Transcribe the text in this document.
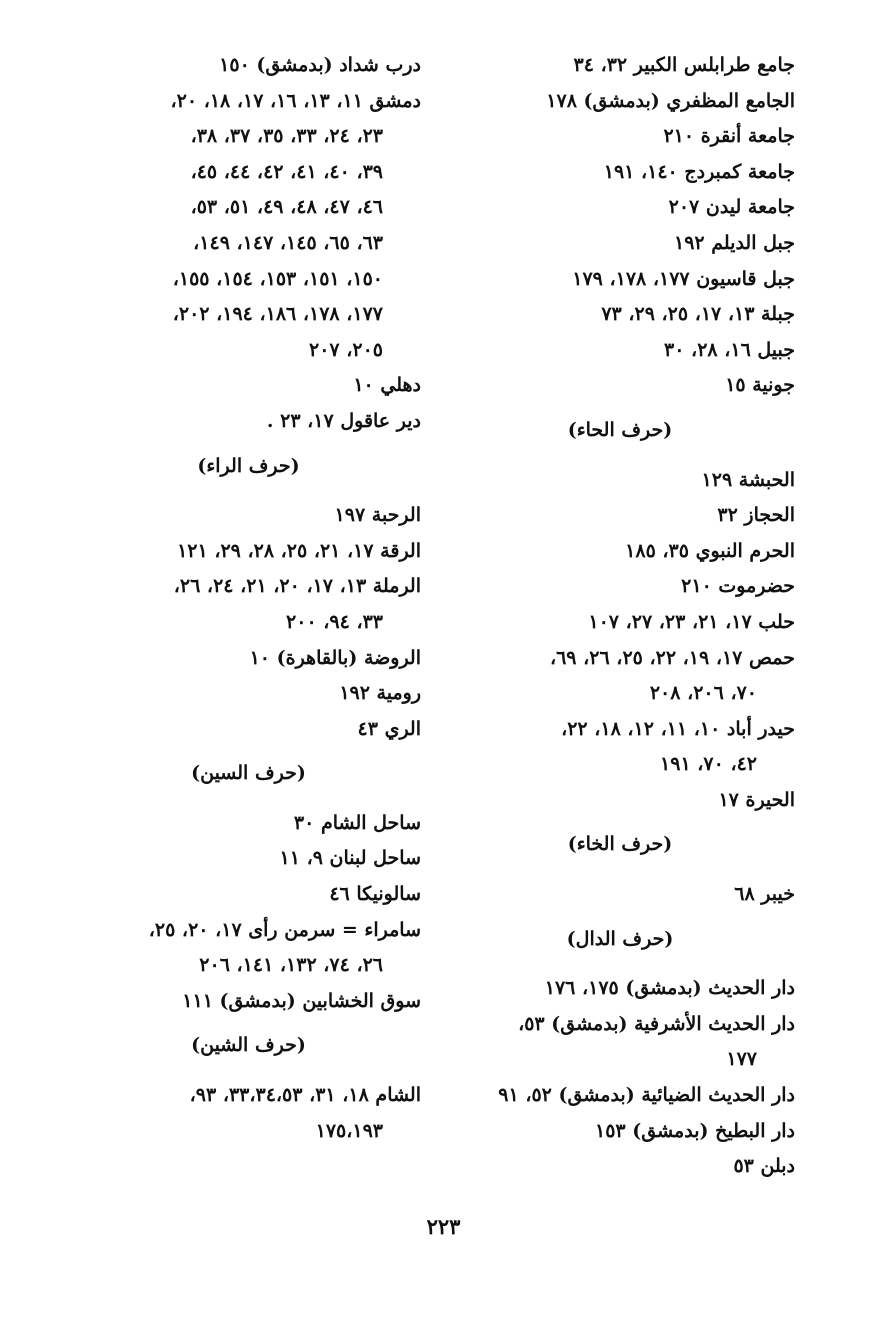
جامع طرابلس الكبير ٣٢، ٣٤
الجامع المظفري (بدمشق) ١٧٨
جامعة أنقرة ٢١٠
جامعة كمبردج ١٤٠، ١٩١
جامعة ليدن ٢٠٧
جبل الديلم ١٩٢
جبل قاسيون ١٧٧، ١٧٨، ١٧٩
جبلة ١٣، ١٧، ٢٥، ٢٩، ٧٣
جبيل ١٦، ٢٨، ٣٠
جونية ١٥
(حرف الحاء)
الحبشة ١٢٩
الحجاز ٣٢
الحرم النبوي ٣٥، ١٨٥
حضرموت ٢١٠
حلب ١٧، ٢١، ٢٣، ٢٧، ١٠٧
حمص ١٧، ١٩، ٢٢، ٢٥، ٢٦، ٦٩،
٧٠، ٢٠٦، ٢٠٨
حيدر أباد ١٠، ١١، ١٢، ١٨، ٢٢،
٤٢، ٧٠، ١٩١
الحيرة ١٧
(حرف الخاء)
خيبر ٦٨
(حرف الدال)
دار الحديث (بدمشق) ١٧٥، ١٧٦
دار الحديث الأشرفية (بدمشق) ٥٣،
١٧٧
دار الحديث الضيائية (بدمشق) ٥٢، ٩١
دار البطيخ (بدمشق) ١٥٣
دبلن ٥٣
درب شداد (بدمشق) ١٥٠
دمشق ١١، ١٣، ١٦، ١٧، ١٨، ٢٠،
٢٣، ٢٤، ٣٣، ٣٥، ٣٧، ٣٨،
٣٩، ٤٠، ٤١، ٤٢، ٤٤، ٤٥،
٤٦، ٤٧، ٤٨، ٤٩، ٥١، ٥٣،
٦٣، ٦٥، ١٤٥، ١٤٧، ١٤٩،
١٥٠، ١٥١، ١٥٣، ١٥٤، ١٥٥،
١٧٧، ١٧٨، ١٨٦، ١٩٤، ٢٠٢،
٢٠٥، ٢٠٧
دهلي ١٠
دير عاقول ١٧، ٢٣ .
(حرف الراء)
الرحبة ١٩٧
الرقة ١٧، ٢١، ٢٥، ٢٨، ٢٩، ١٢١
الرملة ١٣، ١٧، ٢٠، ٢١، ٢٤، ٢٦،
٣٣، ٩٤، ٢٠٠
الروضة (بالقاهرة) ١٠
رومية ١٩٢
الري ٤٣
(حرف السين)
ساحل الشام ٣٠
ساحل لبنان ٩، ١١
سالونيكا ٤٦
سامراء = سرمن رأى ١٧، ٢٠، ٢٥،
٢٦، ٧٤، ١٣٢، ١٤١، ٢٠٦
سوق الخشابين (بدمشق) ١١١
(حرف الشين)
الشام ١٨، ٣١، ٣٣،٣٤،٥٣، ٩٣،
١٧٥،١٩٣
٢٢٣
